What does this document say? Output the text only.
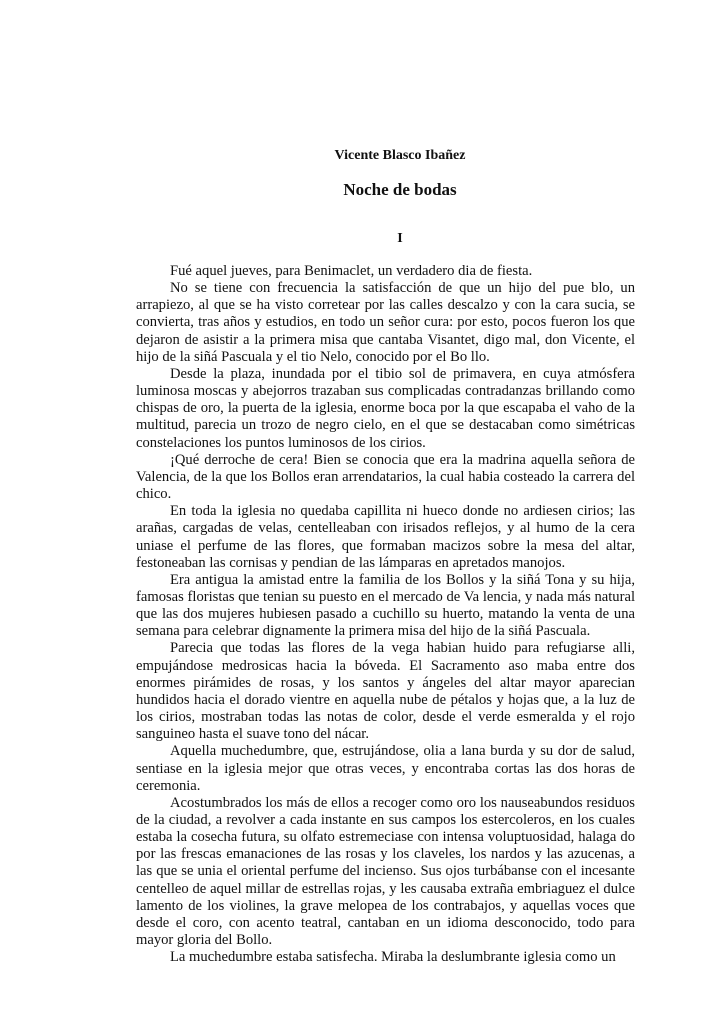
Vicente Blasco Ibañez
Noche de bodas
I

Fué aquel jueves, para Benimaclet, un verdadero dia de fiesta.

No se tiene con frecuencia la satisfacción de que un hijo del pue blo, un arrapiezo, al que se ha visto corretear por las calles descalzo y con la cara sucia, se convierta, tras años y estudios, en todo un señor cura: por esto, pocos fueron los que dejaron de asistir a la primera misa que cantaba Visantet, digo mal, don Vicente, el hijo de la siñá Pascuala y el tio Nelo, conocido por el Bo llo.

Desde la plaza, inundada por el tibio sol de primavera, en cuya atmósfera luminosa moscas y abejorros trazaban sus complicadas contradanzas brillando como chispas de oro, la puerta de la iglesia, enorme boca por la que escapaba el vaho de la multitud, parecia un trozo de negro cielo, en el que se destacaban como simétricas constelaciones los puntos luminosos de los cirios.

¡Qué derroche de cera! Bien se conocia que era la madrina aquella señora de Valencia, de la que los Bollos eran arrendatarios, la cual habia costeado la carrera del chico.

En toda la iglesia no quedaba capillita ni hueco donde no ardiesen cirios; las arañas, cargadas de velas, centelleaban con irisados reflejos, y al humo de la cera uniase el perfume de las flores, que formaban macizos sobre la mesa del altar, festoneaban las cornisas y pendian de las lámparas en apretados manojos.

Era antigua la amistad entre la familia de los Bollos y la siñá Tona y su hija, famosas floristas que tenian su puesto en el mercado de Va lencia, y nada más natural que las dos mujeres hubiesen pasado a cuchillo su huerto, matando la venta de una semana para celebrar dignamente la primera misa del hijo de la siñá Pascuala.

Parecia que todas las flores de la vega habian huido para refugiarse alli, empujándose medrosicas hacia la bóveda. El Sacramento aso maba entre dos enormes pirámides de rosas, y los santos y ángeles del altar mayor aparecian hundidos hacia el dorado vientre en aquella nube de pétalos y hojas que, a la luz de los cirios, mostraban todas las notas de color, desde el verde esmeralda y el rojo sanguineo hasta el suave tono del nácar.

Aquella muchedumbre, que, estrujándose, olia a lana burda y su dor de salud, sentiase en la iglesia mejor que otras veces, y encontraba cortas las dos horas de ceremonia.

Acostumbrados los más de ellos a recoger como oro los nauseabundos residuos de la ciudad, a revolver a cada instante en sus campos los estercoleros, en los cuales estaba la cosecha futura, su olfato estremeciase con intensa voluptuosidad, halaga do por las frescas emanaciones de las rosas y los claveles, los nardos y las azucenas, a las que se unia el oriental perfume del incienso. Sus ojos turbábanse con el incesante centelleo de aquel millar de estrellas rojas, y les causaba extraña embriaguez el dulce lamento de los violines, la grave melopea de los contrabajos, y aquellas voces que desde el coro, con acento teatral, cantaban en un idioma desconocido, todo para mayor gloria del Bollo.

La muchedumbre estaba satisfecha. Miraba la deslumbrante iglesia como un
